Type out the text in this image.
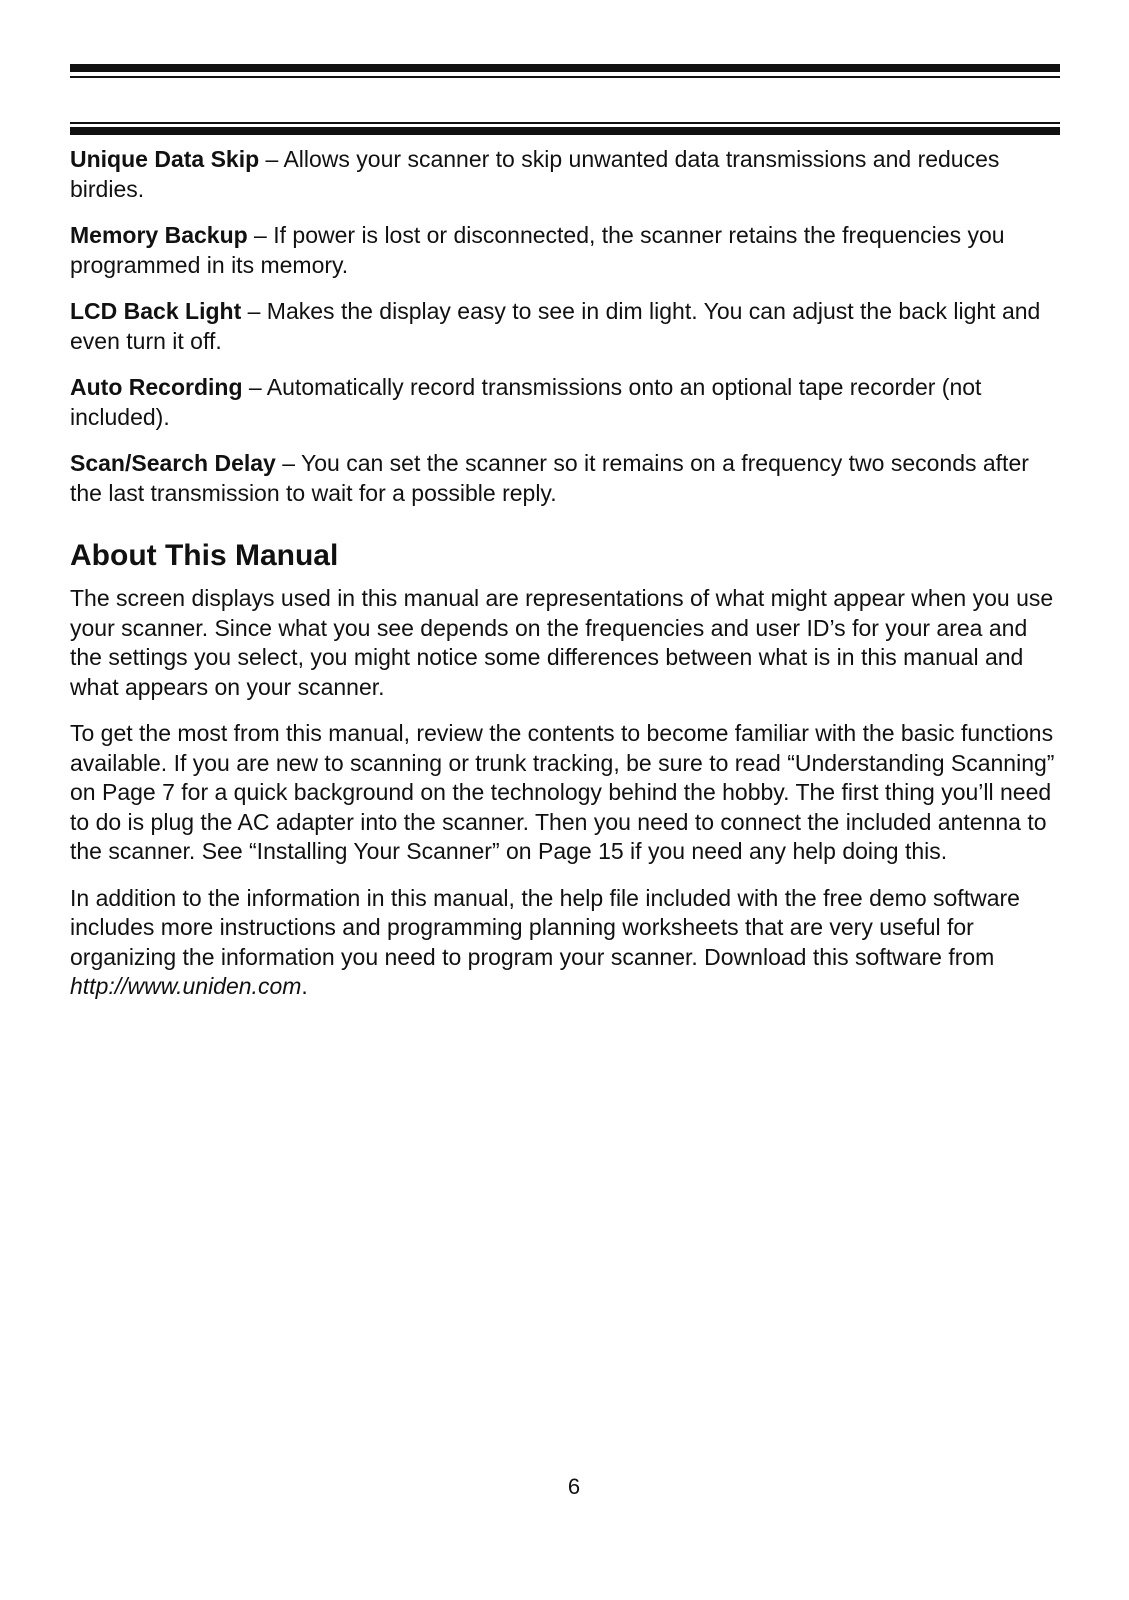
Unique Data Skip – Allows your scanner to skip unwanted data transmissions and reduces birdies.

Memory Backup – If power is lost or disconnected, the scanner retains the frequencies you programmed in its memory.

LCD Back Light – Makes the display easy to see in dim light. You can adjust the back light and even turn it off.

Auto Recording – Automatically record transmissions onto an optional tape recorder (not included).

Scan/Search Delay – You can set the scanner so it remains on a frequency two seconds after the last transmission to wait for a possible reply.

About This Manual

The screen displays used in this manual are representations of what might appear when you use your scanner. Since what you see depends on the frequencies and user ID’s for your area and the settings you select, you might notice some differences between what is in this manual and what appears on your scanner.

To get the most from this manual, review the contents to become familiar with the basic functions available. If you are new to scanning or trunk tracking, be sure to read “Understanding Scanning” on Page 7 for a quick background on the technology behind the hobby. The first thing you’ll need to do is plug the AC adapter into the scanner. Then you need to connect the included antenna to the scanner. See “Installing Your Scanner” on Page 15 if you need any help doing this.

In addition to the information in this manual, the help file included with the free demo software includes more instructions and programming planning worksheets that are very useful for organizing the information you need to program your scanner. Download this software from http://www.uniden.com.

6
